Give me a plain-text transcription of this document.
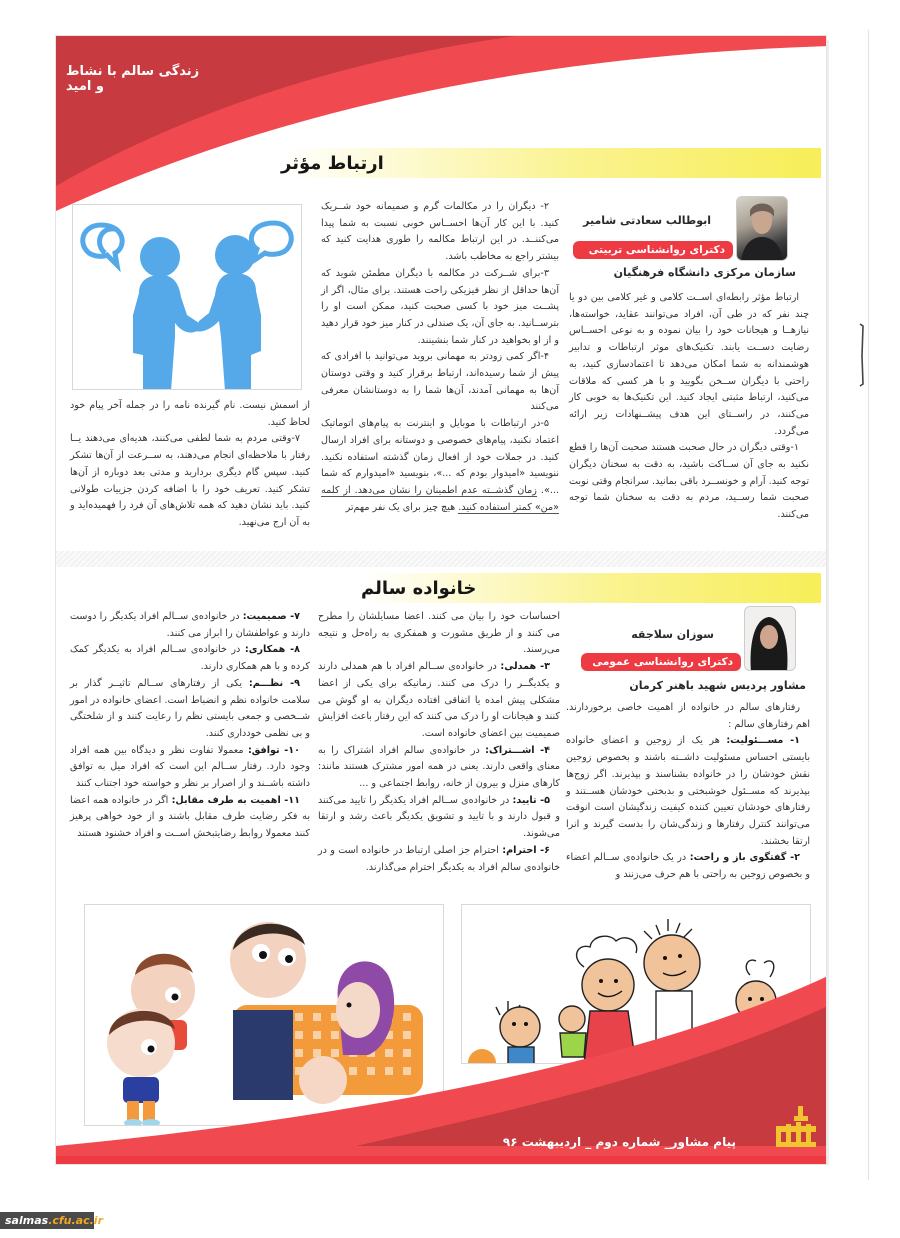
زندگی سالم با نشاط و امید
ارتباط مؤثر
ابوطالب سعادتی شامیر
دکترای روانشناسی تربیتی
سازمان مرکزی دانشگاه فرهنگیان

ارتباط مؤثر رابطه‌ای اســت کلامی و غیر کلامی بین دو یا چند نفر که در طی آن، افراد می‌توانند عقاید، خواسته‌ها، نیازهــا و هیجانات خود را بیان نموده و به نوعی احســاس رضایت دســت یابند. تکنیک‌های موثر ارتباطات و تدابیر هوشمندانه به شما امکان می‌دهد تا اعتمادسازی کنید، به راحتی با دیگران ســخن بگویید و با هر کسی که ملاقات می‌کنید، ارتباط مثبتی ایجاد کنید. این تکنیک‌ها به خوبی کار می‌کنند، در راســتای این هدف پیشــنهادات زیر ارائه می‌گردد.

۱-وقتی دیگران در حال صحبت هستند صحبت آن‌ها را قطع نکنید به جای آن ســاکت باشید، به دقت به سخنان دیگران توجه کنید. آرام و خونســرد باقی بمانید. سرانجام وقتی نوبت صحبت شما رســید، مردم به دقت به سخنان شما توجه می‌کنند.

۲- دیگران را در مکالمات گرم و صمیمانه خود شــریک کنید. با این کار آن‌ها احســاس خوبی نسبت به شما پیدا می‌کننــد. در این ارتباط مکالمه را طوری هدایت کنید که بیشتر راجع به مخاطب باشد.

۳-برای شــرکت در مکالمه با دیگران مطمئن شوید که آن‌ها حداقل از نظر فیزیکی راحت هستند. برای مثال، اگر از پشــت میز خود با کسی صحبت کنید، ممکن است او را بترســانید. به جای آن، یک صندلی در کنار میز خود قرار دهید و از او بخواهید در کنار شما بنشینند.

۴-اگر کمی زودتر به مهمانی بروید می‌توانید با افرادی که پیش از شما رسیده‌اند، ارتباط برقرار کنید و وقتی دوستان آن‌ها به مهمانی آمدند، آن‌ها شما را به دوستانشان معرفی می‌کنند

۵-در ارتباطات با موبایل و اینترنت به پیام‌های اتوماتیک اعتماد نکنید، پیام‌های خصوصی و دوستانه برای افراد ارسال کنید. در جملات خود از افعال زمان گذشته استفاده نکنید. ننویسید «امیدوار بودم که ...»، بنویسید «امیدوارم که شما ...». زمان گذشــته عدم اطمینان را نشان می‌دهد. از کلمه «من» کمتر استفاده کنید. هیچ چیز برای یک نفر مهم‌تر

از اسمش نیست. نام گیرنده نامه را در جمله آخر پیام خود لحاظ کنید.

۷-وقتی مردم به شما لطفی می‌کنند، هدیه‌ای می‌دهند یــا رفتار با ملاحظه‌ای انجام می‌دهند، به ســرعت از آن‌ها تشکر کنید. سپس گام دیگری بردارید و مدتی بعد دوباره از آن‌ها تشکر کنید. تعریف خود را با اضافه کردن جزییات طولانی کنید. باید نشان دهید که همه تلاش‌های آن فرد را فهمیده‌اید و به آن ارج می‌نهید.

خانواده سالم
سوزان سلاجقه
دکترای روانشناسی عمومی
مشاور پردیس شهید باهنر کرمان

رفتارهای سالم در خانواده از اهمیت خاصی برخوردارند. اهم رفتارهای سالم :

۱- مســـئولیت: هر یک از زوجین و اعضای خانواده بایستی احساس مسئولیت داشــته باشند و بخصوص زوجین نقش خودشان را در خانواده بشناسند و بپذیرند. اگر زوج‌ها بپذیرند که مســئول خوشبختی و بدبختی خودشان هســتند و رفتارهای خودشان تعیین کننده کیفیت زندگیشان است انوقت می‌توانند کنترل رفتارها و زندگی‌شان را بدست گیرند و انرا ارتقا بخشند.

۲- گفتگوی باز و راحت: در یک خانواده‌ی ســالم اعضاء و بخصوص زوجین به راحتی با هم حرف می‌زنند و

احساسات خود را بیان می کنند. اعضا مسایلشان را مطرح می کنند و از طریق مشورت و همفکری به راه‌حل و نتیجه می‌رسند.

۳- همدلی: در خانواده‌ی ســالم افراد با هم همدلی دارند و یکدیگــر را درک می کنند. زمانیکه برای یکی از اعضا مشکلی پیش امده یا اتفاقی افتاده دیگران به او گوش می کنند و هیجانات او را درک می کنند که این رفتار باعث افزایش صمیمیت بین اعضای خانواده است.

۴- اشـــتراک: در خانواده‌ی سالم افراد اشتراک را به معنای واقعی دارند. یعنی در همه امور مشترک هستند مانند: کارهای منزل و بیرون از خانه، روابط اجتماعی و ...

۵- تایید: در خانواده‌ی ســالم افراد یکدیگر را تایید می‌کنند و قبول دارند و با تایید و تشویق یکدیگر باعث رشد و ارتقا می‌شوند.

۶- احترام: احترام جز اصلی ارتباط در خانواده است و در خانواده‌ی سالم افراد به یکدیگر احترام می‌گذارند.

۷- صمیمیت: در خانواده‌ی ســالم افراد یکدیگر را دوست دارند و عواطفشان را ابراز می کنند.

۸- همکاری: در خانواده‌ی ســالم افراد به یکدیگر کمک کرده و با هم همکاری دارند.

۹- نظـــم: یکی از رفتارهای ســالم تاثیــر گذار بر سلامت خانواده نظم و انضباط است. اعضای خانواده در امور شــخصی و جمعی بایستی نظم را رعایت کنند و از شلختگی و بی نظمی خودداری کنند.

۱۰- توافق: معمولا تفاوت نظر و دیدگاه بین همه افراد وجود دارد. رفتار ســالم این است که افراد میل به توافق داشته باشــند و از اصرار بر نظر و خواسته خود اجتناب کنند

۱۱- اهمیت به طرف مقابل: اگر در خانواده همه اعضا به فکر رضایت طرف مقابل باشند و از خود خواهی پرهیز کنند معمولا روابط رضایتبخش اســت و افراد خشنود هستند

پیام مشاور_ شماره دوم _ اردیبهشت ۹۶
salmas.cfu.ac.ir
